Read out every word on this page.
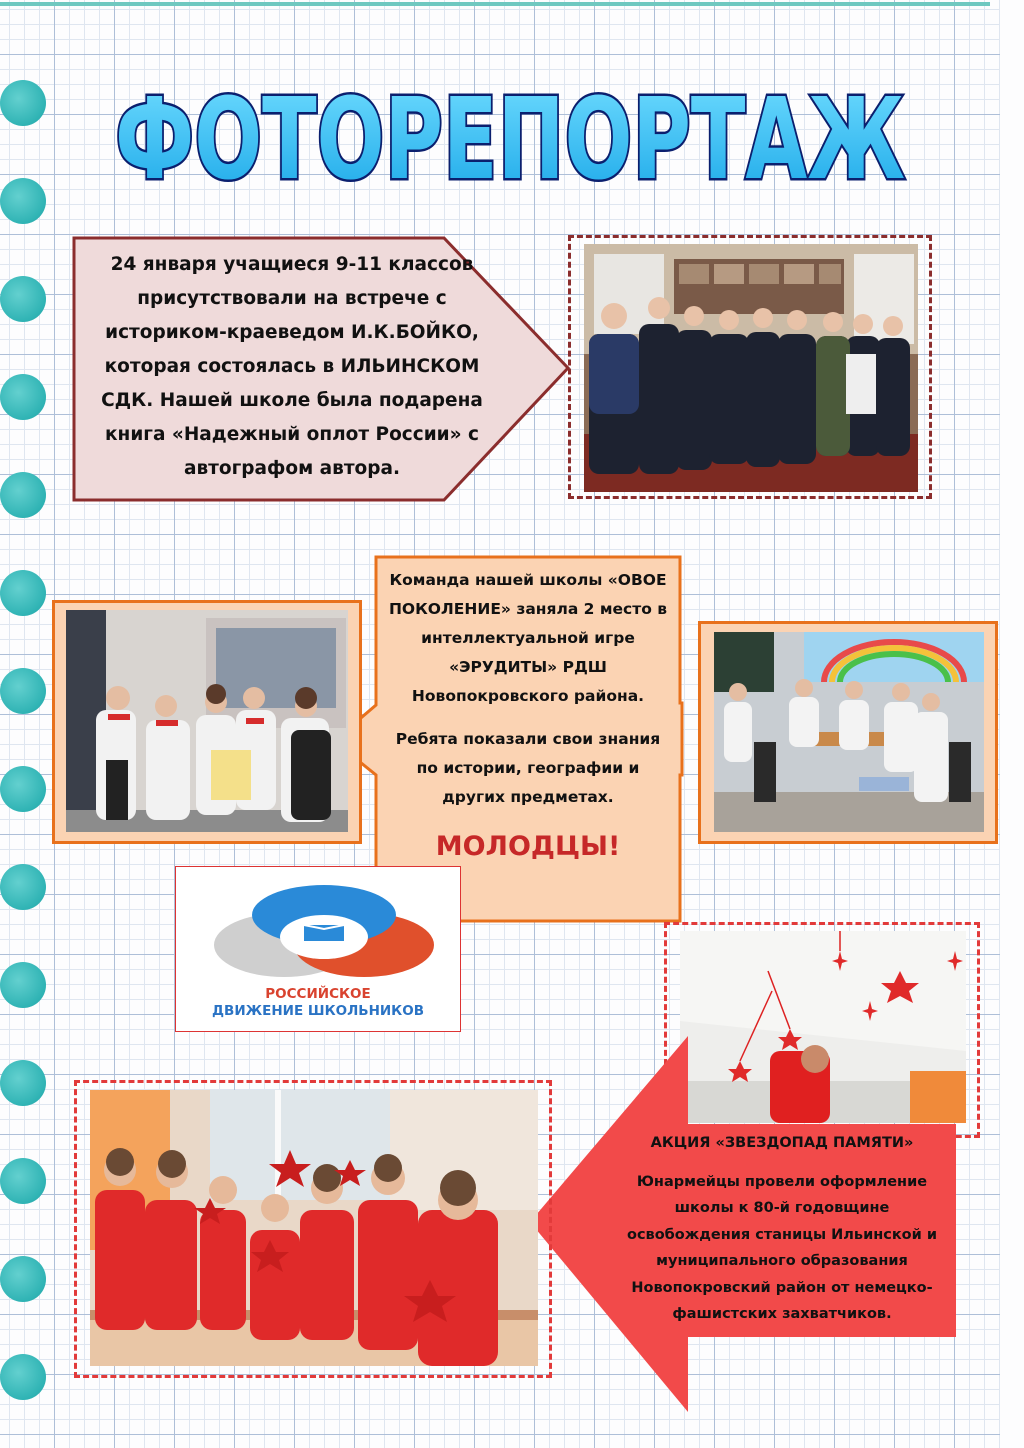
ФОТОРЕПОРТАЖ
24 января учащиеся 9-11 классов
присутствовали на встрече с
историком-краеведом И.К.БОЙКО,
которая состоялась в ИЛЬИНСКОМ
СДК. Нашей школе была подарена
книга «Надежный оплот России» с
автографом автора.
Команда нашей школы «ОВОЕ
ПОКОЛЕНИЕ» заняла 2 место в
интеллектуальной игре
«ЭРУДИТЫ» РДШ
Новопокровского района.
Ребята показали свои знания
по истории, географии и
других предметах.
МОЛОДЦЫ!
РОССИЙСКОЕ
ДВИЖЕНИЕ ШКОЛЬНИКОВ
АКЦИЯ «ЗВЕЗДОПАД ПАМЯТИ»
Юнармейцы провели оформление
школы к 80-й годовщине
освобождения станицы Ильинской и
муниципального образования
Новопокровский район от немецко-
фашистских захватчиков.
